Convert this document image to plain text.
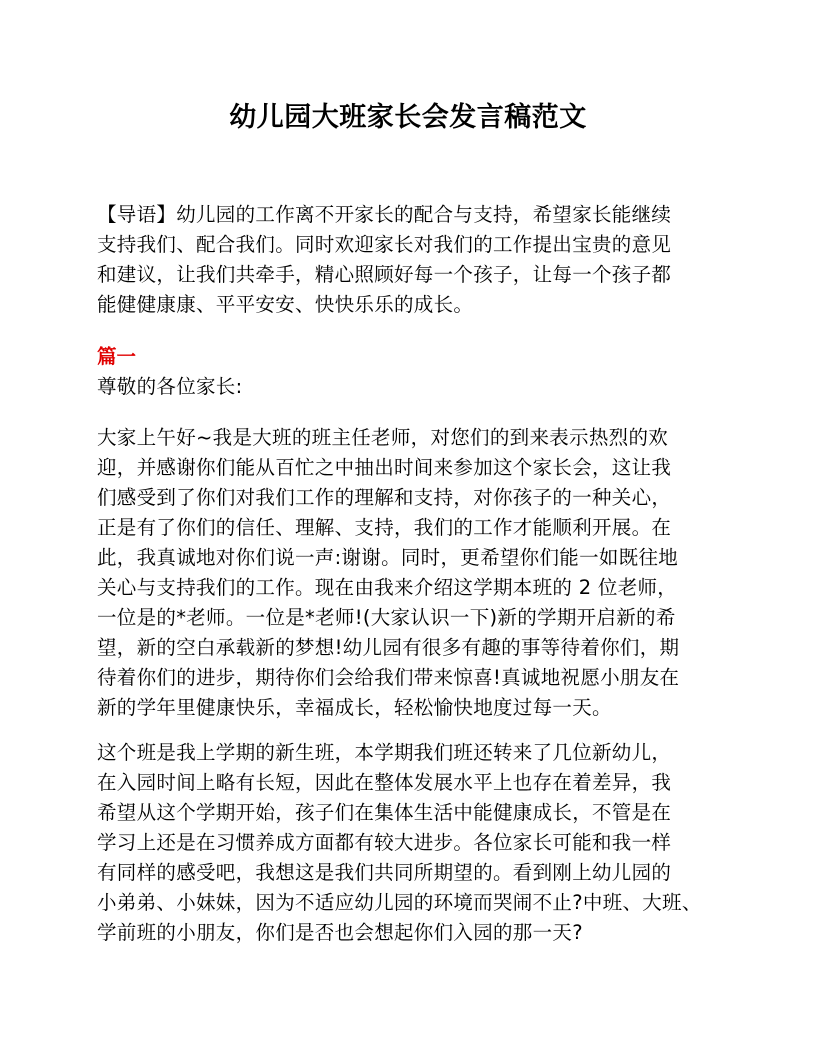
幼儿园大班家长会发言稿范文
【导语】幼儿园的工作离不开家长的配合与支持，希望家长能继续
支持我们、配合我们。同时欢迎家长对我们的工作提出宝贵的意见
和建议，让我们共牵手，精心照顾好每一个孩子，让每一个孩子都
能健健康康、平平安安、快快乐乐的成长。
篇一
尊敬的各位家长:
大家上午好~我是大班的班主任老师，对您们的到来表示热烈的欢
迎，并感谢你们能从百忙之中抽出时间来参加这个家长会，这让我
们感受到了你们对我们工作的理解和支持，对你孩子的一种关心，
正是有了你们的信任、理解、支持，我们的工作才能顺利开展。在
此，我真诚地对你们说一声:谢谢。同时，更希望你们能一如既往地
关心与支持我们的工作。现在由我来介绍这学期本班的 2 位老师，
一位是的*老师。一位是*老师!(大家认识一下)新的学期开启新的希
望，新的空白承载新的梦想!幼儿园有很多有趣的事等待着你们，期
待着你们的进步，期待你们会给我们带来惊喜!真诚地祝愿小朋友在
新的学年里健康快乐，幸福成长，轻松愉快地度过每一天。
这个班是我上学期的新生班，本学期我们班还转来了几位新幼儿，
在入园时间上略有长短，因此在整体发展水平上也存在着差异，我
希望从这个学期开始，孩子们在集体生活中能健康成长，不管是在
学习上还是在习惯养成方面都有较大进步。各位家长可能和我一样
有同样的感受吧，我想这是我们共同所期望的。看到刚上幼儿园的
小弟弟、小妹妹，因为不适应幼儿园的环境而哭闹不止?中班、大班、
学前班的小朋友，你们是否也会想起你们入园的那一天?
